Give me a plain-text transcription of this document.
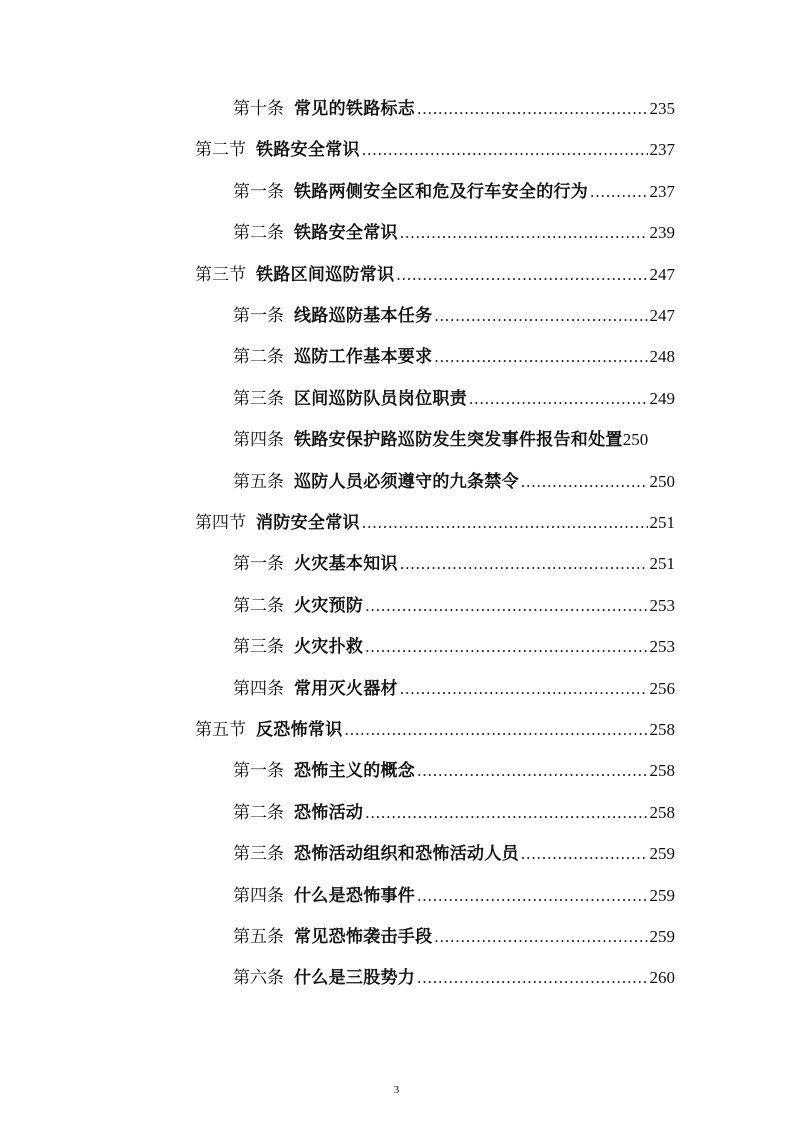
第十条 常见的铁路标志 .....	235
第二节 铁路安全常识 .....	237
第一条 铁路两侧安全区和危及行车安全的行为 .....	237
第二条 铁路安全常识 .....	239
第三节 铁路区间巡防常识 .....	247
第一条 线路巡防基本任务 .....	247
第二条 巡防工作基本要求 .....	248
第三条 区间巡防队员岗位职责 .....	249
第四条 铁路安保护路巡防发生突发事件报告和处置 250
第五条 巡防人员必须遵守的九条禁令 .....	250
第四节 消防安全常识 .....	251
第一条 火灾基本知识 .....	251
第二条 火灾预防 .....	253
第三条 火灾扑救 .....	253
第四条 常用灭火器材 .....	256
第五节 反恐怖常识 .....	258
第一条 恐怖主义的概念 .....	258
第二条 恐怖活动 .....	258
第三条 恐怖活动组织和恐怖活动人员 .....	259
第四条 什么是恐怖事件 .....	259
第五条 常见恐怖袭击手段 .....	259
第六条 什么是三股势力 .....	260
3
